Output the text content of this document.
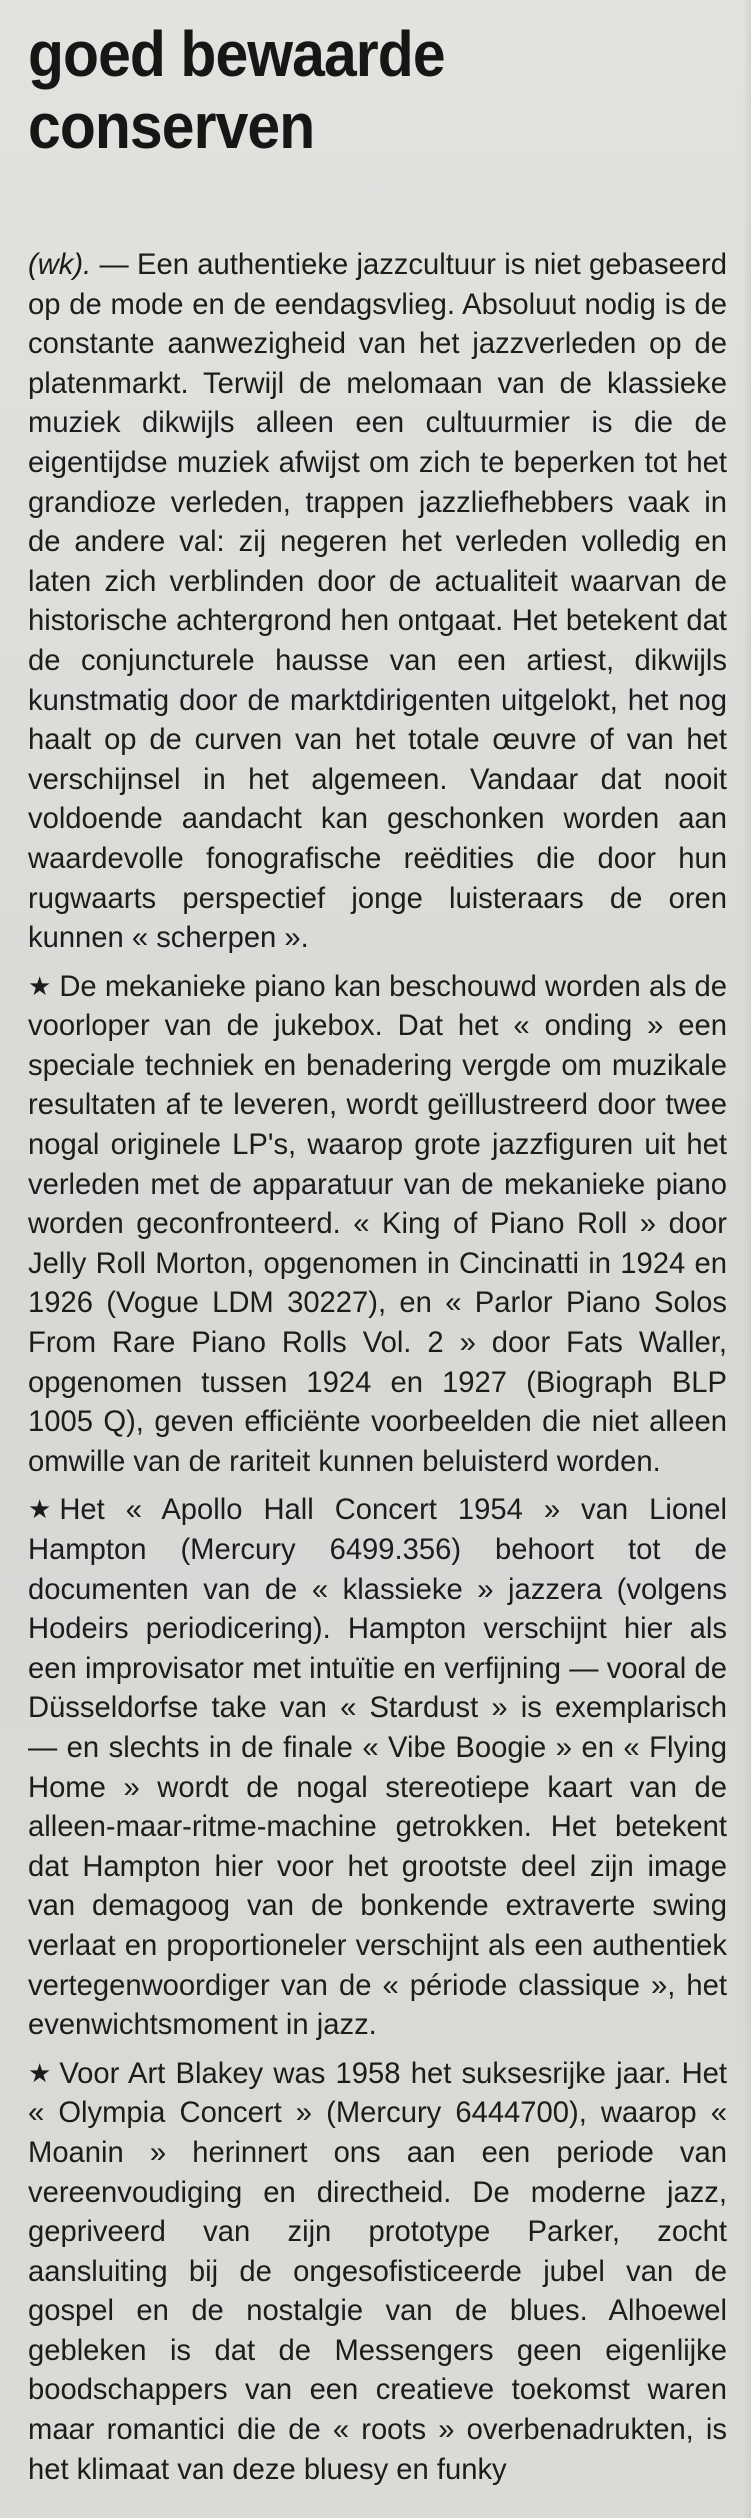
goed bewaarde
conserven

(wk). — Een authentieke jazzcultuur is niet gebaseerd op de mode en de eendagsvlieg. Absoluut nodig is de constante aanwezigheid van het jazzverleden op de platenmarkt. Terwijl de melomaan van de klassieke muziek dikwijls alleen een cultuurmier is die de eigentijdse muziek afwijst om zich te beperken tot het grandioze verleden, trappen jazzliefhebbers vaak in de andere val: zij negeren het verleden volledig en laten zich verblinden door de actualiteit waarvan de historische achtergrond hen ontgaat. Het betekent dat de conjuncturele hausse van een artiest, dikwijls kunstmatig door de marktdirigenten uitgelokt, het nog haalt op de curven van het totale œuvre of van het verschijnsel in het algemeen. Vandaar dat nooit voldoende aandacht kan geschonken worden aan waardevolle fonografische reëdities die door hun rugwaarts perspectief jonge luisteraars de oren kunnen « scherpen ».

★ De mekanieke piano kan beschouwd worden als de voorloper van de jukebox. Dat het « onding » een speciale techniek en benadering vergde om muzikale resultaten af te leveren, wordt geïllustreerd door twee nogal originele LP's, waarop grote jazzfiguren uit het verleden met de apparatuur van de mekanieke piano worden geconfronteerd. « King of Piano Roll » door Jelly Roll Morton, opgenomen in Cincinatti in 1924 en 1926 (Vogue LDM 30227), en « Parlor Piano Solos From Rare Piano Rolls Vol. 2 » door Fats Waller, opgenomen tussen 1924 en 1927 (Biograph BLP 1005 Q), geven efficiënte voorbeelden die niet alleen omwille van de rariteit kunnen beluisterd worden.

★ Het « Apollo Hall Concert 1954 » van Lionel Hampton (Mercury 6499.356) behoort tot de documenten van de « klassieke » jazzera (volgens Hodeirs periodicering). Hampton verschijnt hier als een improvisator met intuïtie en verfijning — vooral de Düsseldorfse take van « Stardust » is exemplarisch — en slechts in de finale « Vibe Boogie » en « Flying Home » wordt de nogal stereotiepe kaart van de alleen-maar-ritme-machine getrokken. Het betekent dat Hampton hier voor het grootste deel zijn image van demagoog van de bonkende extraverte swing verlaat en proportioneler verschijnt als een authentiek vertegenwoordiger van de « période classique », het evenwichtsmoment in jazz.

★ Voor Art Blakey was 1958 het suksesrijke jaar. Het « Olympia Concert » (Mercury 6444700), waarop « Moanin » herinnert ons aan een periode van vereenvoudiging en directheid. De moderne jazz, gepriveerd van zijn prototype Parker, zocht aansluiting bij de ongesofisticeerde jubel van de gospel en de nostalgie van de blues. Alhoewel gebleken is dat de Messengers geen eigenlijke boodschappers van een creatieve toekomst waren maar romantici die de « roots » overbenadrukten, is het klimaat van deze bluesy en funky
